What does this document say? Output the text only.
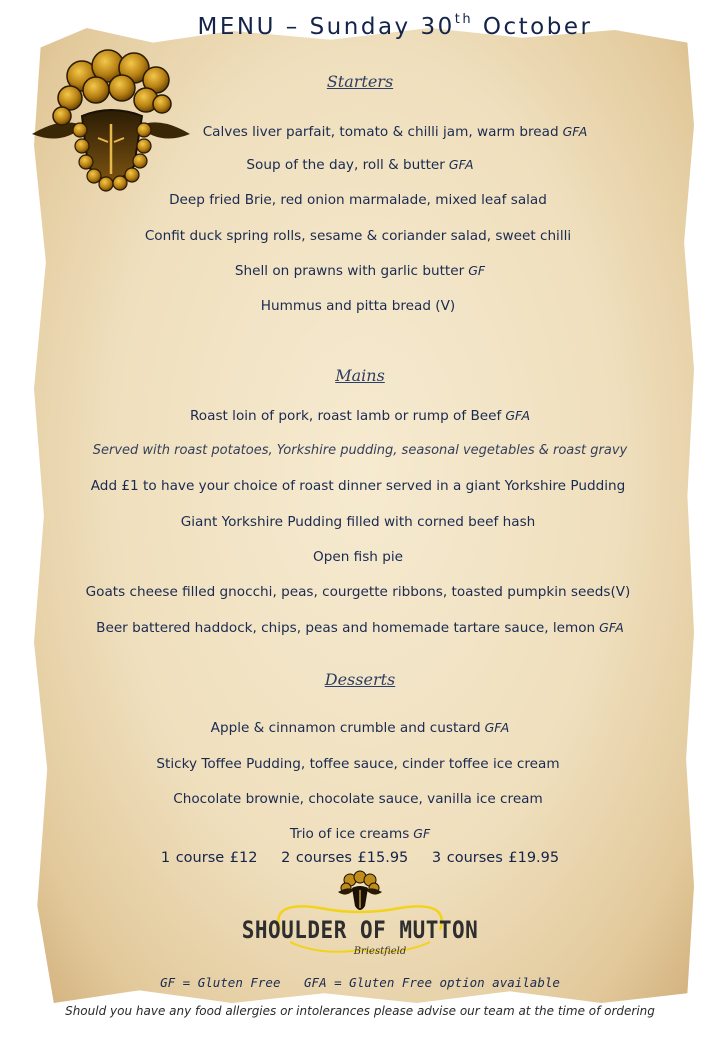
MENU – Sunday 30th October
Starters
Calves liver parfait, tomato & chilli jam, warm bread GFA
Soup of the day, roll & butter GFA
Deep fried Brie, red onion marmalade, mixed leaf salad
Confit duck spring rolls, sesame & coriander salad, sweet chilli
Shell on prawns with garlic butter GF
Hummus and pitta bread (V)
Mains
Roast loin of pork, roast lamb or rump of Beef GFA
Served with roast potatoes, Yorkshire pudding, seasonal vegetables & roast gravy
Add £1 to have your choice of roast dinner served in a giant Yorkshire Pudding
Giant Yorkshire Pudding filled with corned beef hash
Open fish pie
Goats cheese filled gnocchi, peas, courgette ribbons, toasted pumpkin seeds(V)
Beer battered haddock, chips, peas and homemade tartare sauce, lemon GFA
Desserts
Apple & cinnamon crumble and custard GFA
Sticky Toffee Pudding, toffee sauce, cinder toffee ice cream
Chocolate brownie, chocolate sauce, vanilla ice cream
Trio of ice creams GF
1 course £12 2 courses £15.95 3 courses £19.95
SHOULDER OF MUTTON
Briestfield
GF = Gluten Free GFA = Gluten Free option available
Should you have any food allergies or intolerances please advise our team at the time of ordering
